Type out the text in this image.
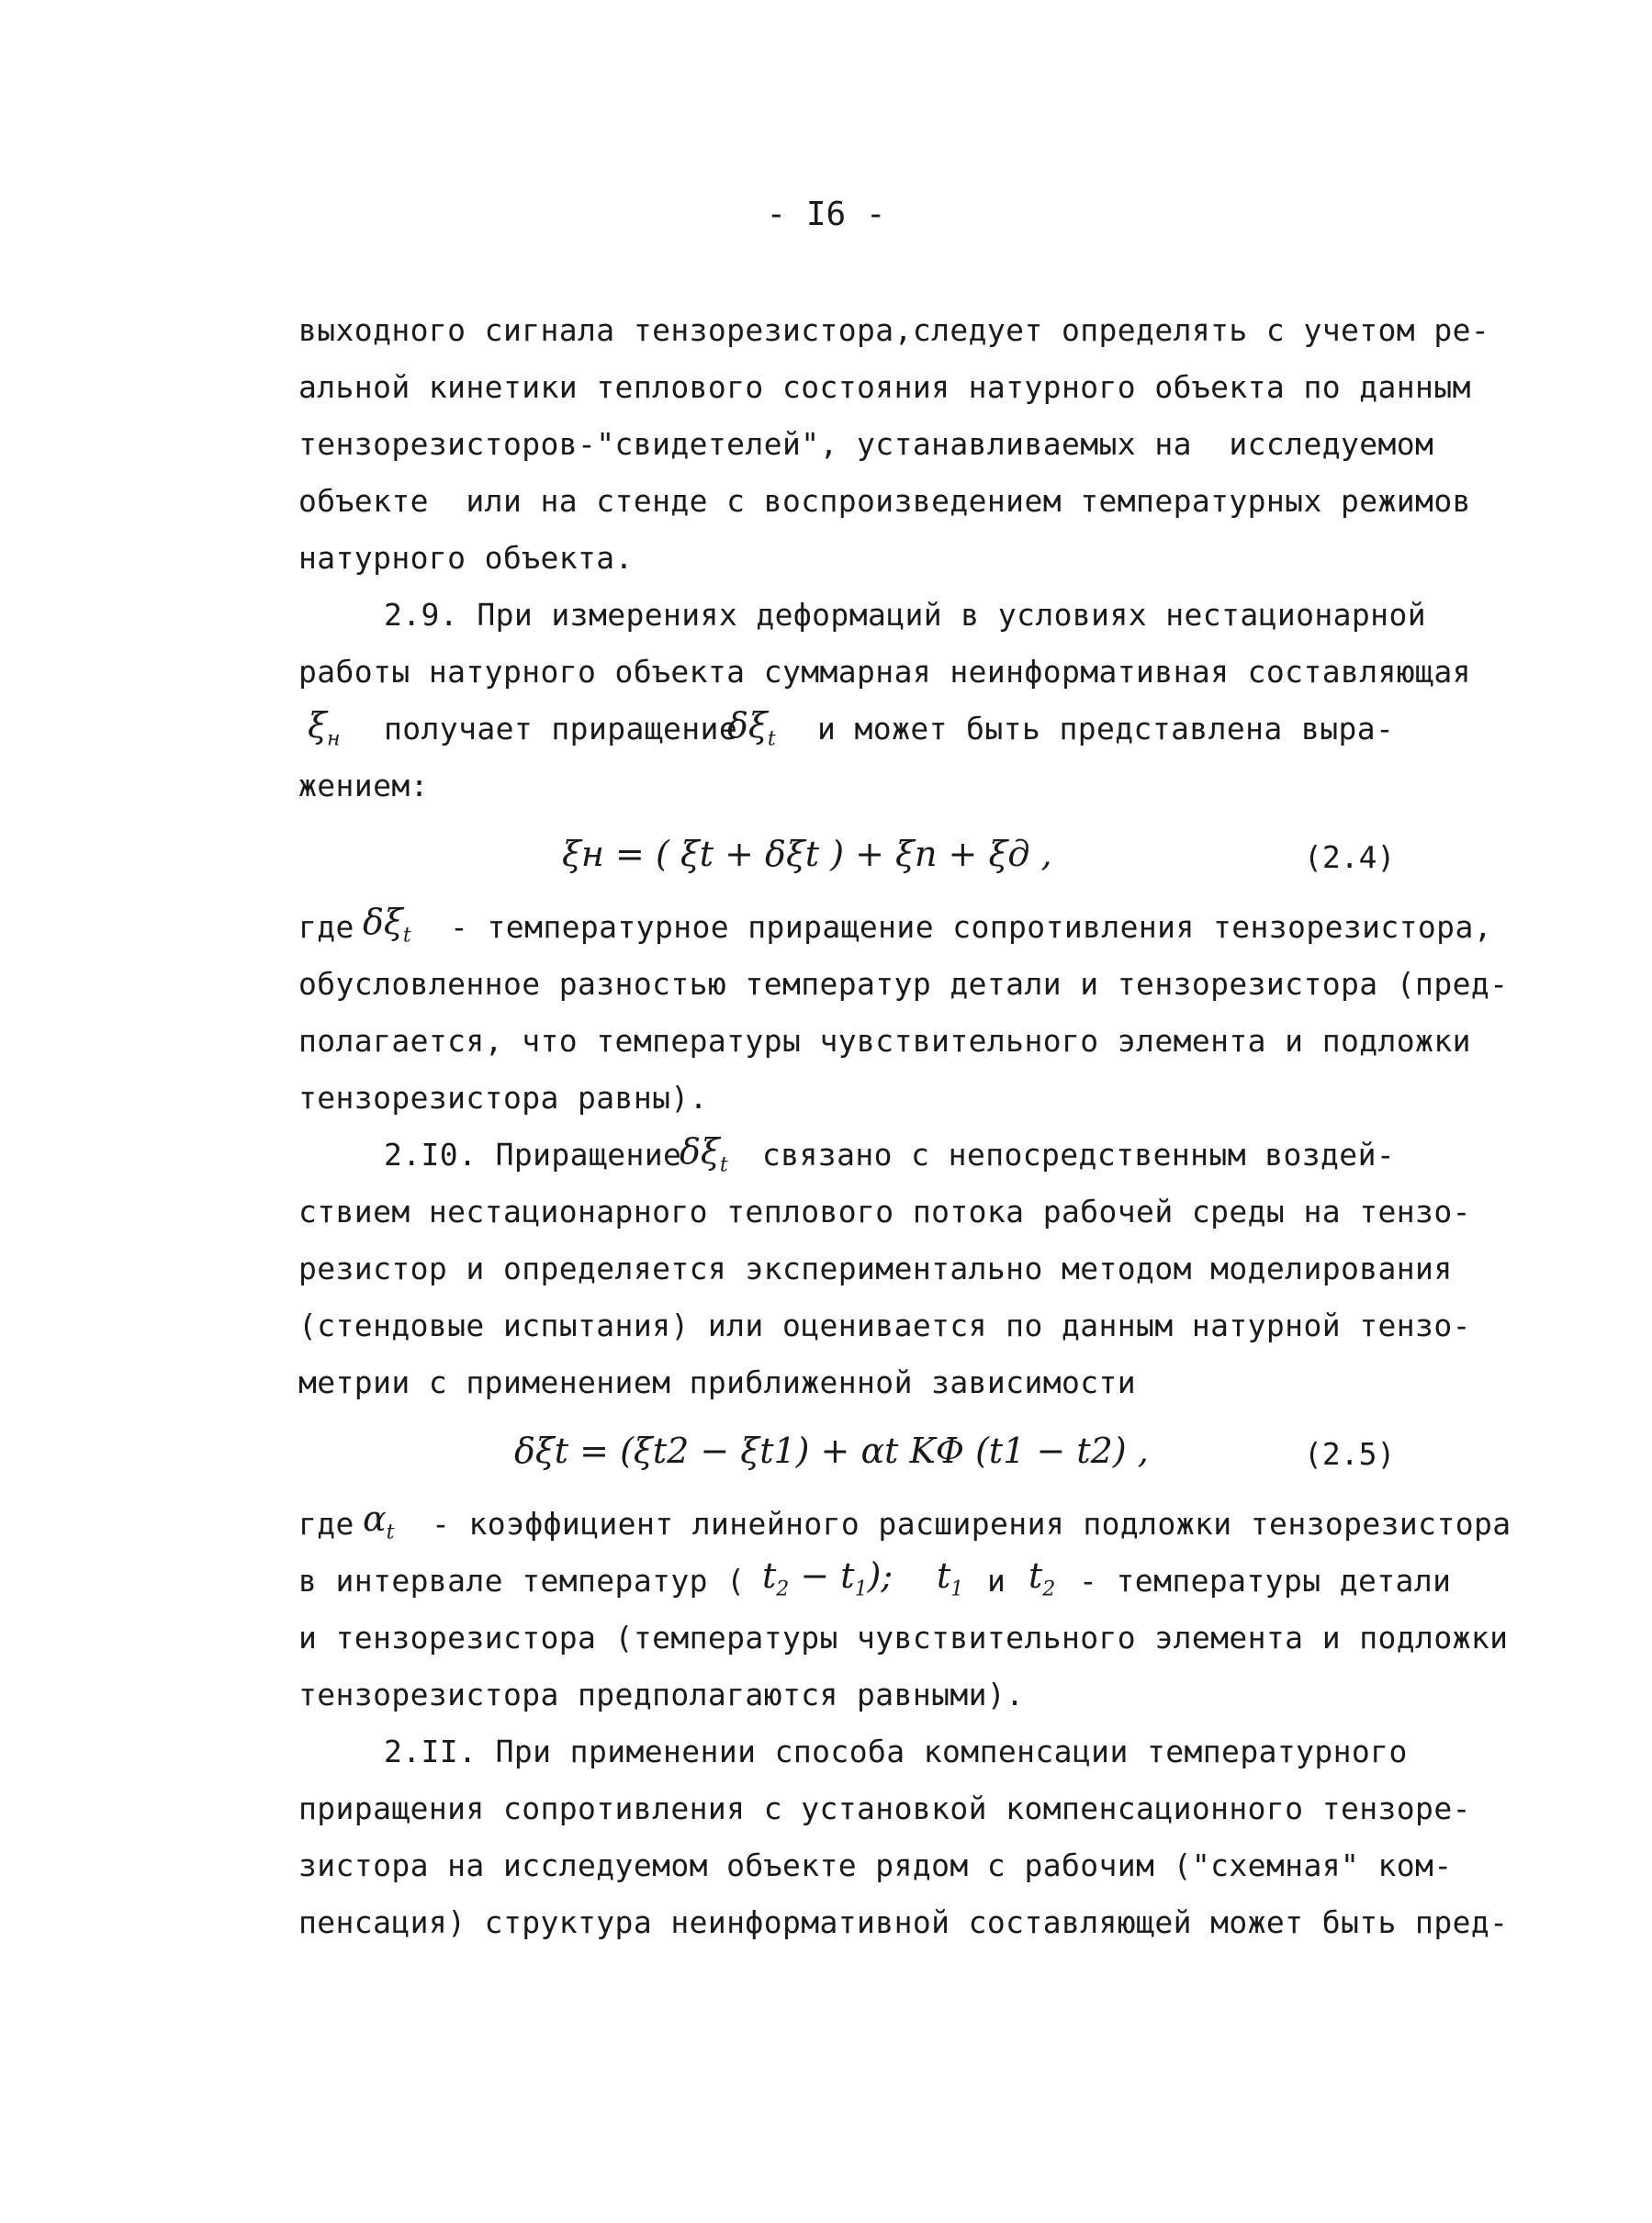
- I6 -
выходного сигнала тензорезистора,следует определять с учетом ре-
альной кинетики теплового состояния натурного объекта по данным
тензорезисторов-"свидетелей", устанавливаемых на  исследуемом
объекте  или на стенде с воспроизведением температурных режимов
натурного объекта.
2.9. При измерениях деформаций в условиях нестационарной
работы натурного объекта суммарная неинформативная составляющая
$\xi_н$ получает приращение
$\delta\xi_t$ и может быть представлена выра-
жением:
ξн = ( ξt + δξt ) + ξп + ξд ,	(2.4)
где $\delta\xi_t$ - температурное приращение сопротивления тензорезистора,
обусловленное разностью температур детали и тензорезистора (пред-
полагается, что температуры чувствительного элемента и подложки
тензорезистора равны).
2.I0. Приращение
$\delta\xi_t$ связано с непосредственным воздей-
ствием нестационарного теплового потока рабочей среды на тензо-
резистор и определяется экспериментально методом моделирования
(стендовые испытания) или оценивается по данным натурной тензо-
метрии с применением приближенной зависимости
δξt = (ξt2 − ξt1) + αt KΦ (t1 − t2) ,	(2.5)
где $\alpha_t$ - коэффициент линейного расширения подложки тензорезистора
в интервале температур ( $t_2 - t_1$); $t_1$ и $t_2$ - температуры детали
и тензорезистора (температуры чувствительного элемента и подложки
тензорезистора предполагаются равными).
2.II. При применении способа компенсации температурного
приращения сопротивления с установкой компенсационного тензоре-
зистора на исследуемом объекте рядом с рабочим ("схемная" ком-
пенсация) структура неинформативной составляющей может быть пред-
